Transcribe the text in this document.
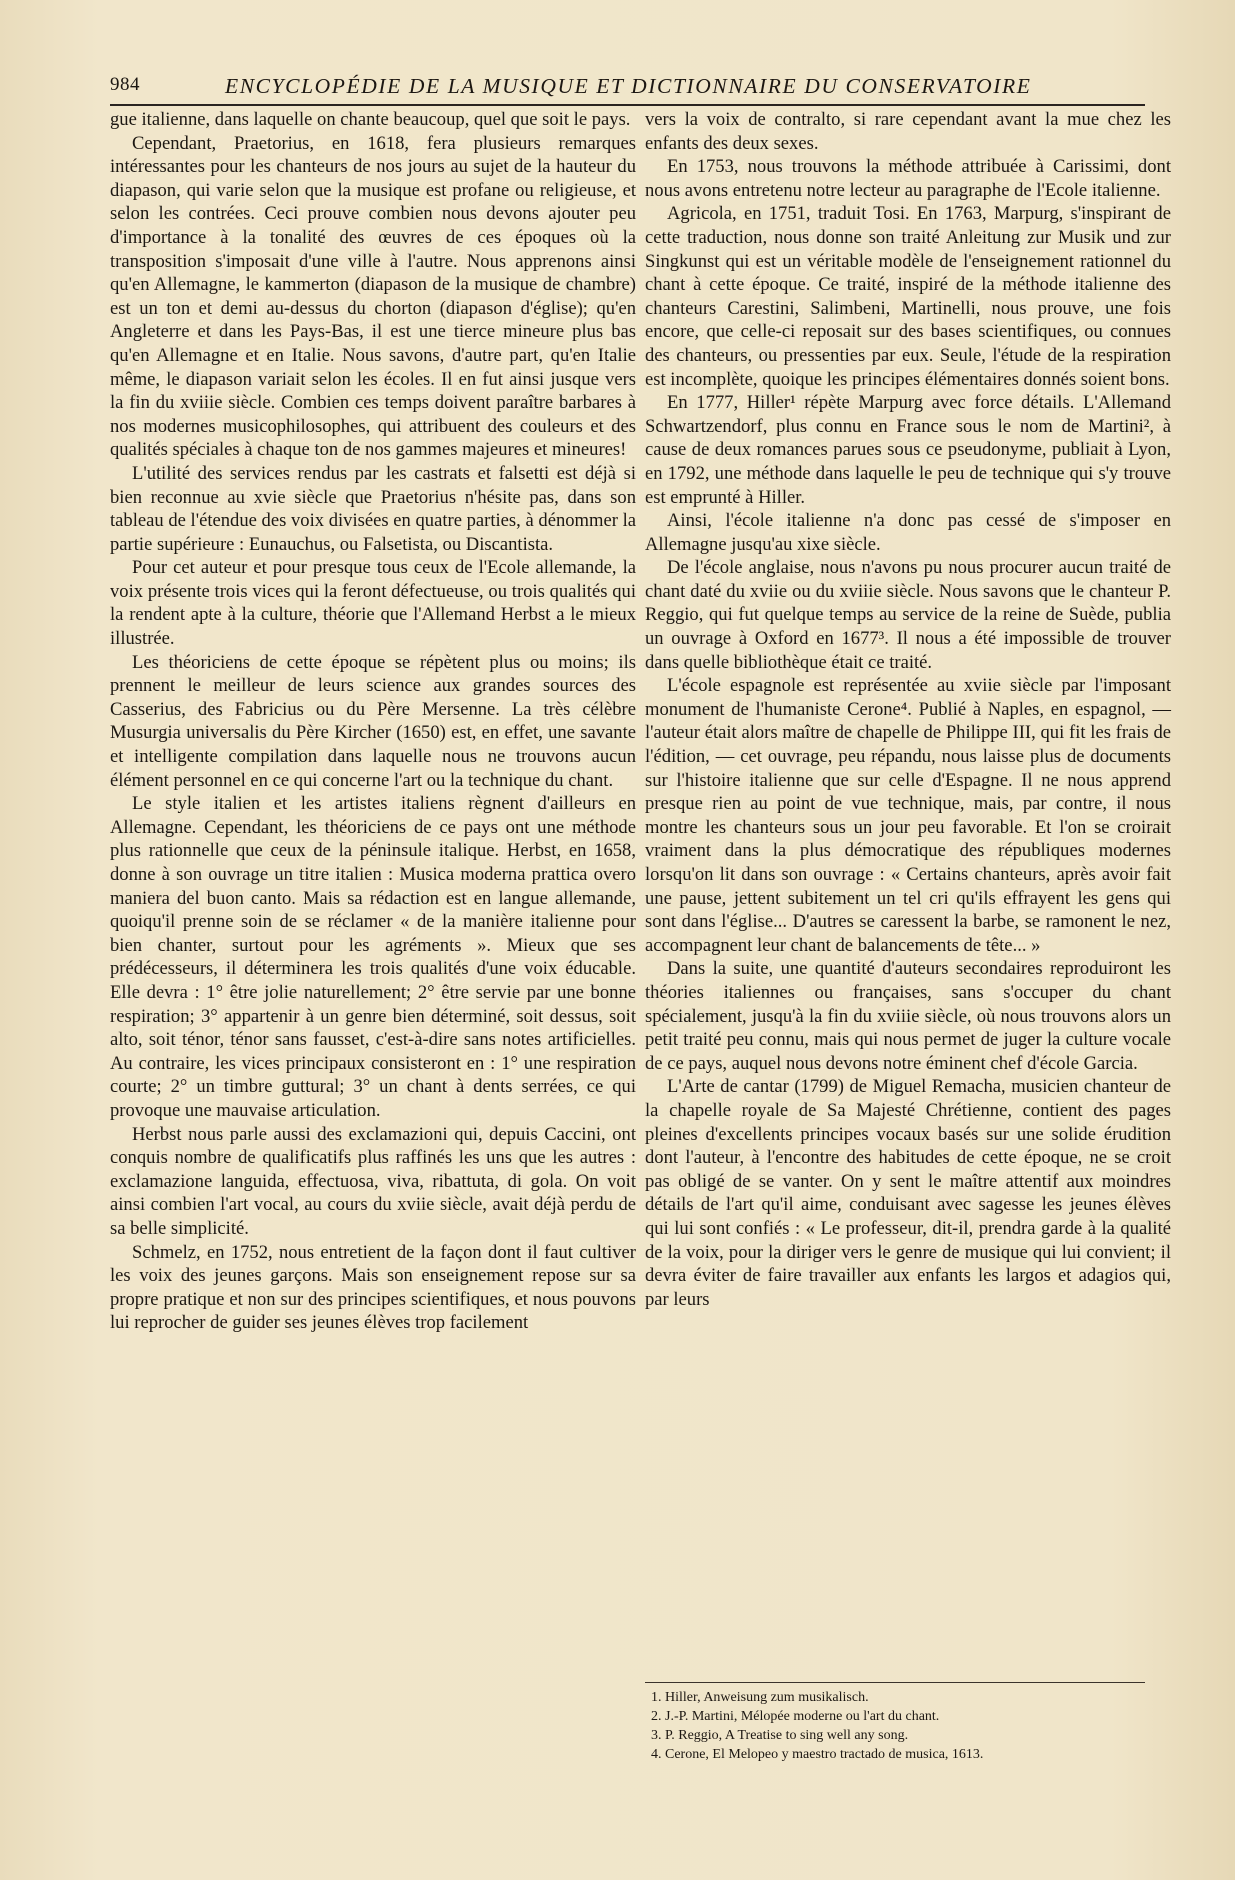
984	ENCYCLOPÉDIE DE LA MUSIQUE ET DICTIONNAIRE DU CONSERVATOIRE

gue italienne, dans laquelle on chante beaucoup, quel que soit le pays.

Cependant, Praetorius, en 1618, fera plusieurs remarques intéressantes pour les chanteurs de nos jours au sujet de la hauteur du diapason, qui varie selon que la musique est profane ou religieuse, et selon les contrées. Ceci prouve combien nous devons ajouter peu d'importance à la tonalité des œuvres de ces époques où la transposition s'imposait d'une ville à l'autre. Nous apprenons ainsi qu'en Allemagne, le kammerton (diapason de la musique de chambre) est un ton et demi au-dessus du chorton (diapason d'église); qu'en Angleterre et dans les Pays-Bas, il est une tierce mineure plus bas qu'en Allemagne et en Italie. Nous savons, d'autre part, qu'en Italie même, le diapason variait selon les écoles. Il en fut ainsi jusque vers la fin du xviiie siècle. Combien ces temps doivent paraître barbares à nos modernes musicophilosophes, qui attribuent des couleurs et des qualités spéciales à chaque ton de nos gammes majeures et mineures!

L'utilité des services rendus par les castrats et falsetti est déjà si bien reconnue au xvie siècle que Praetorius n'hésite pas, dans son tableau de l'étendue des voix divisées en quatre parties, à dénommer la partie supérieure : Eunauchus, ou Falsetista, ou Discantista.

Pour cet auteur et pour presque tous ceux de l'Ecole allemande, la voix présente trois vices qui la feront défectueuse, ou trois qualités qui la rendent apte à la culture, théorie que l'Allemand Herbst a le mieux illustrée.

Les théoriciens de cette époque se répètent plus ou moins; ils prennent le meilleur de leurs science aux grandes sources des Casserius, des Fabricius ou du Père Mersenne. La très célèbre Musurgia universalis du Père Kircher (1650) est, en effet, une savante et intelligente compilation dans laquelle nous ne trouvons aucun élément personnel en ce qui concerne l'art ou la technique du chant.

Le style italien et les artistes italiens règnent d'ailleurs en Allemagne. Cependant, les théoriciens de ce pays ont une méthode plus rationnelle que ceux de la péninsule italique. Herbst, en 1658, donne à son ouvrage un titre italien : Musica moderna prattica overo maniera del buon canto. Mais sa rédaction est en langue allemande, quoiqu'il prenne soin de se réclamer « de la manière italienne pour bien chanter, surtout pour les agréments ». Mieux que ses prédécesseurs, il déterminera les trois qualités d'une voix éducable. Elle devra : 1° être jolie naturellement; 2° être servie par une bonne respiration; 3° appartenir à un genre bien déterminé, soit dessus, soit alto, soit ténor, ténor sans fausset, c'est-à-dire sans notes artificielles. Au contraire, les vices principaux consisteront en : 1° une respiration courte; 2° un timbre guttural; 3° un chant à dents serrées, ce qui provoque une mauvaise articulation.

Herbst nous parle aussi des exclamazioni qui, depuis Caccini, ont conquis nombre de qualificatifs plus raffinés les uns que les autres : exclamazione languida, effectuosa, viva, ribattuta, di gola. On voit ainsi combien l'art vocal, au cours du xviie siècle, avait déjà perdu de sa belle simplicité.

Schmelz, en 1752, nous entretient de la façon dont il faut cultiver les voix des jeunes garçons. Mais son enseignement repose sur sa propre pratique et non sur des principes scientifiques, et nous pouvons lui reprocher de guider ses jeunes élèves trop facilement

vers la voix de contralto, si rare cependant avant la mue chez les enfants des deux sexes.

En 1753, nous trouvons la méthode attribuée à Carissimi, dont nous avons entretenu notre lecteur au paragraphe de l'Ecole italienne.

Agricola, en 1751, traduit Tosi. En 1763, Marpurg, s'inspirant de cette traduction, nous donne son traité Anleitung zur Musik und zur Singkunst qui est un véritable modèle de l'enseignement rationnel du chant à cette époque. Ce traité, inspiré de la méthode italienne des chanteurs Carestini, Salimbeni, Martinelli, nous prouve, une fois encore, que celle-ci reposait sur des bases scientifiques, ou connues des chanteurs, ou pressenties par eux. Seule, l'étude de la respiration est incomplète, quoique les principes élémentaires donnés soient bons.

En 1777, Hiller¹ répète Marpurg avec force détails. L'Allemand Schwartzendorf, plus connu en France sous le nom de Martini², à cause de deux romances parues sous ce pseudonyme, publiait à Lyon, en 1792, une méthode dans laquelle le peu de technique qui s'y trouve est emprunté à Hiller.

Ainsi, l'école italienne n'a donc pas cessé de s'imposer en Allemagne jusqu'au xixe siècle.

De l'école anglaise, nous n'avons pu nous procurer aucun traité de chant daté du xviie ou du xviiie siècle. Nous savons que le chanteur P. Reggio, qui fut quelque temps au service de la reine de Suède, publia un ouvrage à Oxford en 1677³. Il nous a été impossible de trouver dans quelle bibliothèque était ce traité.

L'école espagnole est représentée au xviie siècle par l'imposant monument de l'humaniste Cerone⁴. Publié à Naples, en espagnol, — l'auteur était alors maître de chapelle de Philippe III, qui fit les frais de l'édition, — cet ouvrage, peu répandu, nous laisse plus de documents sur l'histoire italienne que sur celle d'Espagne. Il ne nous apprend presque rien au point de vue technique, mais, par contre, il nous montre les chanteurs sous un jour peu favorable. Et l'on se croirait vraiment dans la plus démocratique des républiques modernes lorsqu'on lit dans son ouvrage : « Certains chanteurs, après avoir fait une pause, jettent subitement un tel cri qu'ils effrayent les gens qui sont dans l'église... D'autres se caressent la barbe, se ramonent le nez, accompagnent leur chant de balancements de tête... »

Dans la suite, une quantité d'auteurs secondaires reproduiront les théories italiennes ou françaises, sans s'occuper du chant spécialement, jusqu'à la fin du xviiie siècle, où nous trouvons alors un petit traité peu connu, mais qui nous permet de juger la culture vocale de ce pays, auquel nous devons notre éminent chef d'école Garcia.

L'Arte de cantar (1799) de Miguel Remacha, musicien chanteur de la chapelle royale de Sa Majesté Chrétienne, contient des pages pleines d'excellents principes vocaux basés sur une solide érudition dont l'auteur, à l'encontre des habitudes de cette époque, ne se croit pas obligé de se vanter. On y sent le maître attentif aux moindres détails de l'art qu'il aime, conduisant avec sagesse les jeunes élèves qui lui sont confiés : « Le professeur, dit-il, prendra garde à la qualité de la voix, pour la diriger vers le genre de musique qui lui convient; il devra éviter de faire travailler aux enfants les largos et adagios qui, par leurs

1. Hiller, Anweisung zum musikalisch.
2. J.-P. Martini, Mélopée moderne ou l'art du chant.
3. P. Reggio, A Treatise to sing well any song.
4. Cerone, El Melopeo y maestro tractado de musica, 1613.
